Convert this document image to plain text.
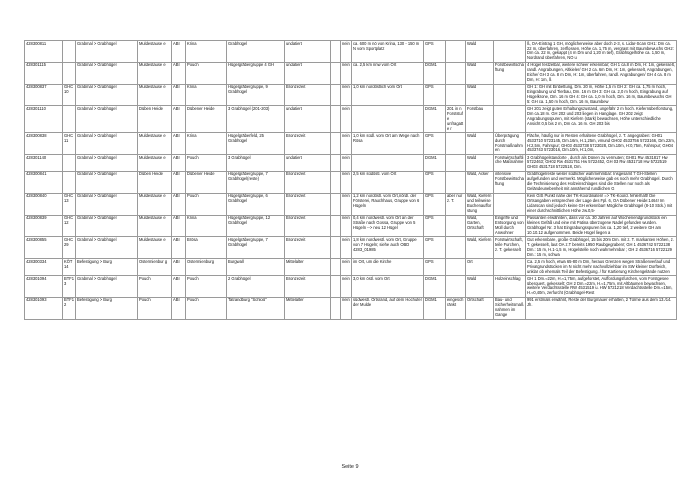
428300811		Grabmal > Grabhügel	Muldestause e	ABI	Krina	Grabhügel	undatiert		nein	ca. 600 m nö von Krina, 130 - 150 m N vom Sportplatz	GPS		Wald		ß, OA-Eintrag 1 GH, möglicherweise aber doch 2-3, s. Lidar-Scan GH1: Dm ca. 22 m, überfahren, zerflossen, Höhe ca. 1,75 m, vergrast mit Baumbewuchs GH2: Dm ca. 22 m, gekappt (4 m Dm und 1,20 m tief), Grabhügelhöhe ca. 1,50 m, Nordrand überfahren, NO u
428301115		Grabmal > Grabhügel	Muldestause e	ABI	Pouch	Hügelgräbergruppe 4 GH	undatiert		nein	ca. 2,5 km nnw vom Ort	DGM1		Wald	Forstbewirtschaftung	4 Hügel festzelbar, weitere scheer erkennbar; GH 1 ca.8 m Dm, H: 1m, gekesselt, randl. Angrabungen, Altkieler/ GH 2 ca. 6m Dm, H: 1m, gekesselt, Angrabungen, Eiche/ GH 3 ca. 8 m Dm, H: 1m, überfahren, randl. Angrabungen/ GH 4 ca. 8 m Dm, H: 1m, ß
428300837	GHC10	Grabmal > Grabhügel	Muldestause e	ABI	Krina	Hügelgräbergruppe, 9 Grabhügel	Bronzezeit		nein	1,0 km nordöstlich vom Ort	GPS		Wald		GH 1: GH mit Einbettung, Dm. 20 m, Höhe 1,5 m GH 2: GH ca. 1,75 m hoch, Eingrabung und Tierbau, Dm. 16 m GH 3: GH ca. 2,0 m hoch, Eingrabung auf Hügelkrone, Dm. 16 m GH 4: GH ca. 1,0 m hoch, Dm. 16 m, Baumbewuchs GH 5: GH ca. 1,50 m hoch, Dm. 16 m, Baumbew
428301110		Grabmal > Grabhügel	Düben Heide	ABI	Dübener Heide	3 Grabhügel (201-203)	undatiert		nein		DGM1	201 in n Forststufe unfragatte r	Forstbau		GH 201 zeigt guten Erhaltungszustand, ungefähr 2 m hoch. Kiefernüberforstung, Dm ca.18 m. GH 202 und 203 liegen in Hanglage. GH 202 zeigt Angrabungsspuren, mit Kiefern (stark) bewachsen, Höhe unterschiedliche Ansicht 0,5 bis 2 m, Dm ca. 16 m. GH 203 bis
428300838	GHC11	Grabmal > Grabhügel	Muldestause e	ABI	Krina	Hügelgräberfeld, 25 Grabhügel	Bronzezeit		nein	1,0 km südl. vom Ort am Wege nach Rösa	GPS		Wald	Überprägung durch Forstmaßnahmen	Fläche, häufig nur in Resten erhaltene Grabhügel, z. T. angegraben: GH01 4533710 5723145, Dm.16m, H.1,25m, vmund GH02 4533756 5723166, Dm.22m, H:2,5m, Fahrspur; GH03 4533738 5723028, Dm.10m, H:0,75m, Fahrspur; GH04 4533743 5723016, Dm.10m, H:1,0m,
428301140		Grabmal > Grabhügel	Muldestause e	ABI	Pouch	3 Grabhügel	undatiert		nein		DGM1		Wald	Forstwirtschaftliche Maßnahme	3 Grabhügelstandorte , durch als Dünen zu vermuten; GH01 Rw 4531817 Hw 5722463; GH02 Rw 4531751 Hw 5722452, GH 03 Rw 4531718 Hw 5722519 GH03 4531718 5722518, Dm.
428300841		Grabmal > Grabhügel	Düben Heide	ABI	Dübener Heide	Hügelgräbergruppe, 7 Grabhügel(reste)	Bronzezeit		nein	2,5 km südöstl. vom Ort	GPS		Wald, Acker	intensive Forstbewirtschaftung	Grabhügelreste weiter südlicher wahrnehmbar: Insgesamt 7 GH-Stellen aufgefunden und vermerkt. Möglicherweise gab es noch mehr Grabhügel. Durch die Technisierung des Holzeinschlages sind die Stellen nur noch als Geländeunebenheit mit annähernd rundlichen G
428300840	GHC13	Grabmal > Grabhügel	Muldestause e	ABI	Pouch	Hügelgräbergruppe, 6 Grabhügel	Bronzezeit		nein	1,2 km nordöstl. vom Ort,nördl. der Försterei, Rauchhaus, Gruppe von 6 Hügeln	GPS	aber nur z. T.	Wald, Kiefern und teilweise Buchenaufforstung		Kein GIS Punkt nahe der TK-Koordinaten! => TK-Koord. fehlerhaft! Die Ortsangaben entsprechen der Lage des Fpl. 6, OA Dübener Heide:1464! Im Lidarscan sind jedoch keine GH erkennbar! Mögliche Grabhügel (8-10 Stck.) mit einer durchschnittlichen Höhe zw.0,5-
428300839	GHC12	Grabmal > Grabhügel	Muldestause e	ABI	Krina	Hügelgräbergruppe, 12 Grabhügel	Bronzezeit		nein	0,4 km nordwestl. vom Ort an der Straße nach Gossa, Gruppe von 5 Hügeln --> neu 12 Hügel	GPS		Wald, Garten, Ortschaft	Eingriffe und Entsorgung von Müll durch Anwohner	Passanten erwähnten, dass vor ca. 30 Jahren auf Wochenendgrundstück ein kleines Gefäß und eine mit Patina überzogene Nadel gefunden wurden. Grabhügel Nr. 3 hat Eingrabungsspuren bis ca. 1,20 tief, 2 weitere GH am 10.10.12 aufgenommen. Beide Hügel liegen a
428300855	GHC29	Grabmal > Grabhügel	Muldestause e	ABI	Brösa	Hügelgräbergruppe, 7 Grabhügel	Bronzezeit		nein	1,8 km nordwestl. vom Ort, Gruppe von 7 Hügeln; siehe auch OBD 4283_01985	GPS		Wald, Kiefern	Forstwirtschaft, teile Furchen, z. T. gekesselt	Gut erkennbare, große Grabhügel, 15 bis 20m Dm. mit z. T. markanten Höhen, z. T. gekesselt, laut OA z.T bereits 1950 Raubgegraben!; GH 1 4536742 5722138 Dm.: 15 m, H.1-1,5 m, Hügelstelle noch wahrnehmbar ; GH 2 4536716 5722129 Dm.: 15 m, schwa
428300334	KÖT14	Befestigung > Burg	Ostermienbur g	ABI	Ostermienburg	Burgwall	Mittelalter		nein	im Ort, um die Kirche	GPS		Ort		Ca. 2,5 m hoch, etwa 65-80 m Dm, heraus Grenzen wegen Straßenverlauf und Privatgrundstücken im N nicht mehr nachvollziehbar im SW kleiner Dorfteich, unklar ob ehemals Teil der Befestigung. / für Kartierung Kirchengelände nutzen
428301094	BTF13	Grabmal > Grabhügel	Pouch	ABI	Pouch	2 Grabhügel	Bronzezeit		nein	3,0 km östl. vom Ort	DGM1		Wald	Holzeinschlag	GH 1 Dm.≈22m, H.≈1,75m, aufgeforstet, Auffordungsfurchen, vom Forstgesee überquert, gekesselt; GH 2 Dm.≈22m, H.≈1,75m, mit Altbäumen bewachsen, weitere Verdachtsstelle RW 4531519 u. HW 5721218 Verdachtsstelle Dm.≈15m, H.≈0,40m, zerfurcht (Grabhügel-Rest
428301093	BTF12	Befestigung > Burg	Pouch	ABI	Pouch	Tatrandburg "Schloß"	Mittelalter		nein	südwestl. Ortsrand, auf dem Hochufer der Mulde	DGM1	eingeschränkt	Ortschaft	Bau- und Sicherheitsmaßnahmen im Gange	991 erstmals erwähnt, Reste der Burgmauer erhalten, 2 Türme aus dem 13./14. Jh.
Seite 9
